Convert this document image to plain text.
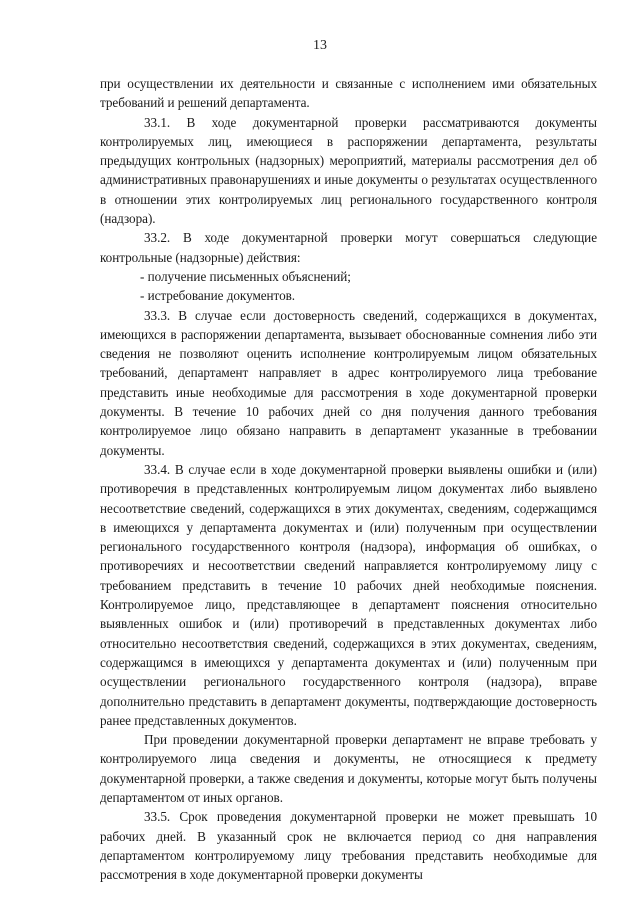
13

при осуществлении их деятельности и связанные с исполнением ими обязательных требований и решений департамента.

33.1. В ходе документарной проверки рассматриваются документы контролируемых лиц, имеющиеся в распоряжении департамента, результаты предыдущих контрольных (надзорных) мероприятий, материалы рассмотрения дел об административных правонарушениях и иные документы о результатах осуществленного в отношении этих контролируемых лиц регионального государственного контроля (надзора).

33.2. В ходе документарной проверки могут совершаться следующие контрольные (надзорные) действия:

- получение письменных объяснений;

- истребование документов.

33.3. В случае если достоверность сведений, содержащихся в документах, имеющихся в распоряжении департамента, вызывает обоснованные сомнения либо эти сведения не позволяют оценить исполнение контролируемым лицом обязательных требований, департамент направляет в адрес контролируемого лица требование представить иные необходимые для рассмотрения в ходе документарной проверки документы. В течение 10 рабочих дней со дня получения данного требования контролируемое лицо обязано направить в департамент указанные в требовании документы.

33.4. В случае если в ходе документарной проверки выявлены ошибки и (или) противоречия в представленных контролируемым лицом документах либо выявлено несоответствие сведений, содержащихся в этих документах, сведениям, содержащимся в имеющихся у департамента документах и (или) полученным при осуществлении регионального государственного контроля (надзора), информация об ошибках, о противоречиях и несоответствии сведений направляется контролируемому лицу с требованием представить в течение 10 рабочих дней необходимые пояснения. Контролируемое лицо, представляющее в департамент пояснения относительно выявленных ошибок и (или) противоречий в представленных документах либо относительно несоответствия сведений, содержащихся в этих документах, сведениям, содержащимся в имеющихся у департамента документах и (или) полученным при осуществлении регионального государственного контроля (надзора), вправе дополнительно представить в департамент документы, подтверждающие достоверность ранее представленных документов.

При проведении документарной проверки департамент не вправе требовать у контролируемого лица сведения и документы, не относящиеся к предмету документарной проверки, а также сведения и документы, которые могут быть получены департаментом от иных органов.

33.5. Срок проведения документарной проверки не может превышать 10 рабочих дней. В указанный срок не включается период со дня направления департаментом контролируемому лицу требования представить необходимые для рассмотрения в ходе документарной проверки документы
